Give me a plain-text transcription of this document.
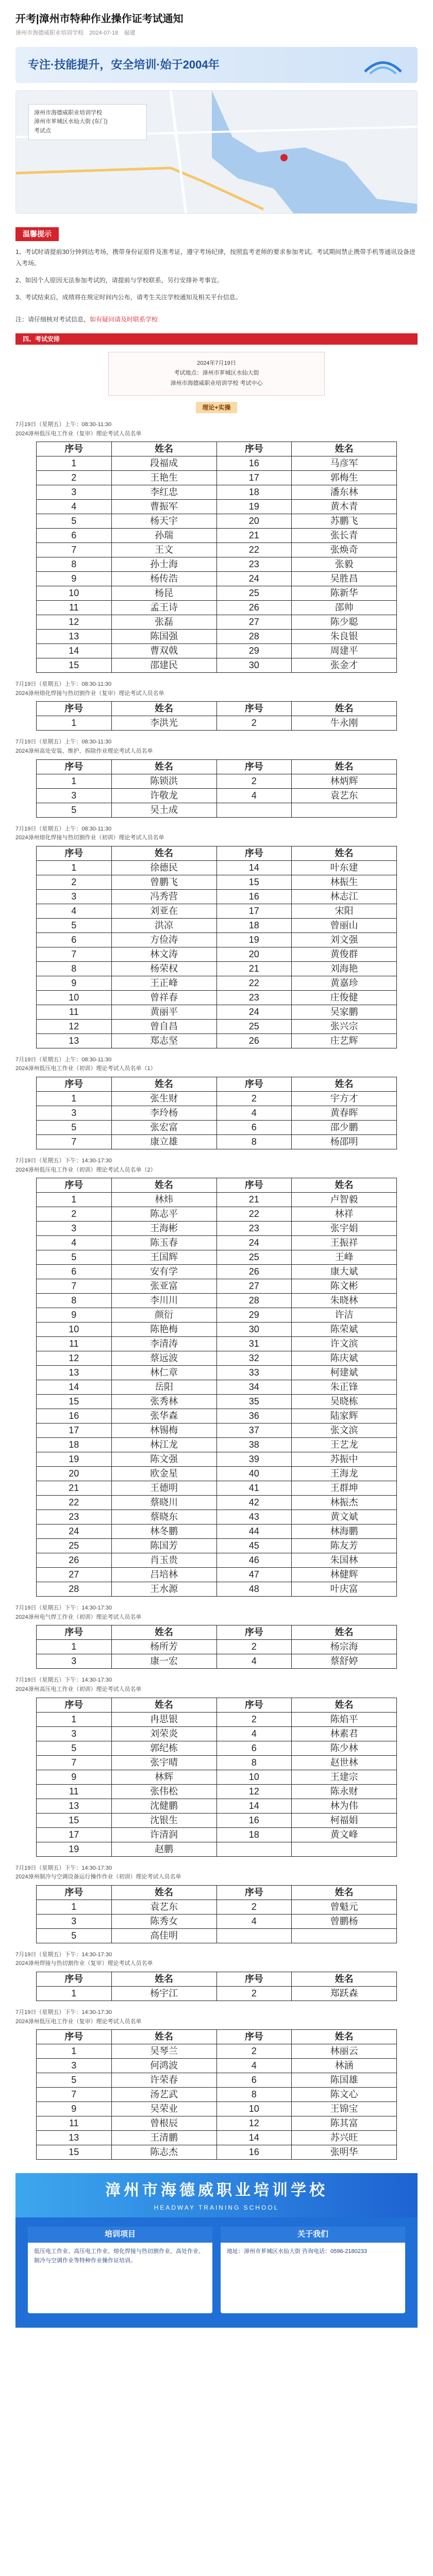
开考|漳州市特种作业操作证考试通知
漳州市海德威职业培训学校 2024-07-18 福建
专注·技能提升，安全培训·始于2004年
漳州市海德威职业培训学校
漳州市芗城区水仙大街 (东门)
考试点
温馨提示

1、考试时请提前30分钟到达考场，携带身份证原件及准考证，遵守考场纪律，按照监考老师的要求参加考试。考试期间禁止携带手机等通讯设备进入考场。

2、如因个人原因无法参加考试的，请提前与学校联系，另行安排补考事宜。

3、考试结束后，成绩将在规定时间内公布，请考生关注学校通知及相关平台信息。

注：请仔细核对考试信息，如有疑问请及时联系学校
四、考试安排
2024年7月19日
考试地点：漳州市芗城区水仙大街
漳州市海德威职业培训学校 考试中心
理论+实操
7月19日（星期五）上午：08:30-11:30
2024漳州低压电工作业（复审）理论考试人员名单
序号	姓名	序号	姓名
1	段福成	16	马彦军
2	王艳生	17	郭梅生
3	李红忠	18	潘东林
4	曹振军	19	黄木青
5	杨天宇	20	苏鹏飞
6	孙瑞	21	张长青
7	王文	22	张焕奇
8	孙士海	23	张毅
9	杨传浩	24	吴胜昌
10	杨昆	25	陈新华
11	孟王诗	26	邵帅
12	张磊	27	陈少聪
13	陈国强	28	朱良银
14	曹双戟	29	周建平
15	邵建民	30	张金才
7月19日（星期五）上午：08:30-11:30
2024漳州熔化焊接与热切割作业（复审）理论考试人员名单
序号	姓名	序号	姓名
1	李洪光	2	牛永刚
7月19日（星期五）上午：08:30-11:30
2024漳州高处安装、维护、拆除作业理论考试人员名单
序号	姓名	序号	姓名
1	陈锁洪	2	林炳辉
3	许敬龙	4	袁艺东
5	吴土成		
7月19日（星期五）上午：08:30-11:30
2024漳州熔化焊接与热切割作业（初训）理论考试人员名单
序号	姓名	序号	姓名
1	徐德民	14	叶东建
2	曾鹏飞	15	林振生
3	冯秀营	16	林志江
4	刘亚在	17	宋阳
5	洪凉	18	曾丽山
6	方俭涛	19	刘文强
7	林文涛	20	黄俊群
8	杨荣权	21	刘海艳
9	王正峰	22	黄嘉珍
10	曾祥春	23	庄俊健
11	黄丽平	24	吴家鹏
12	曾自昌	25	张兴宗
13	郑志坚	26	庄艺辉
7月19日（星期五）上午：08:30-11:30
2024漳州低压电工作业（初训）理论考试人员名单（1）
序号	姓名	序号	姓名
1	张生财	2	宇方才
3	李玲杨	4	黄春晖
5	张宏富	6	邵少鹏
7	康立雄	8	杨邵明
7月19日（星期五）下午：14:30-17:30
2024漳州低压电工作业（初训）理论考试人员名单（2）
序号	姓名	序号	姓名
1	林炜	21	卢智毅
2	陈志平	22	林祥
3	王海彬	23	张宇娟
4	陈玉春	24	王振祥
5	王国辉	25	王峰
6	安有学	26	康大斌
7	张亚富	27	陈文彬
8	李川川	28	朱晓林
9	颜衍	29	许洁
10	陈艳梅	30	陈荣斌
11	李清涛	31	许文滨
12	蔡远波	32	陈庆斌
13	林仁章	33	柯建斌
14	岳阳	34	朱正锋
15	张秀林	35	吴晓栋
16	张华森	36	陆家辉
17	林锡梅	37	张文滨
18	林江龙	38	王艺龙
19	陈文强	39	苏振中
20	欧金星	40	王海龙
21	王德明	41	王群坤
22	蔡晓川	42	林振杰
23	蔡晓东	43	黄文斌
24	林冬鹏	44	林海鹏
25	陈国芳	45	陈友芳
26	肖玉贵	46	朱国林
27	吕培林	47	林健辉
28	王水源	48	叶庆富
7月19日（星期五）下午：14:30-17:30
2024漳州电气焊工作业（初训）理论考试人员名单
序号	姓名	序号	姓名
1	杨所芳	2	杨宗海
3	康一宏	4	蔡舒婷
7月19日（星期五）下午：14:30-17:30
2024漳州高压电工作业（初训）理论考试人员名单
序号	姓名	序号	姓名
1	冉思银	2	陈焰平
3	刘荣炎	4	林素君
5	郭纪栋	6	陈少林
7	张宇晴	8	赵世林
9	林辉	10	王建宗
11	张伟松	12	陈永财
13	沈健鹏	14	林为伟
15	沈银生	16	柯福娟
17	许清润	18	黄文峰
19	赵鹏		
7月19日（星期五）下午：14:30-17:30
2024漳州制冷与空调设备运行操作作业（初训）理论考试人员名单
序号	姓名	序号	姓名
1	袁艺东	2	曾魁元
3	陈秀女	4	曾鹏杨
5	高佳明		
7月19日（星期五）下午：14:30-17:30
2024漳州焊接与热切割作业（复审）理论考试人员名单
序号	姓名	序号	姓名
1	杨宇江	2	郑跃森
7月19日（星期五）下午：14:30-17:30
2024漳州低压电工作业（复审）理论考试人员名单
序号	姓名	序号	姓名
1	吴琴兰	2	林丽云
3	何鸿波	4	林涵
5	许荣春	6	陈国雄
7	汤艺武	8	陈文心
9	吴荣业	10	王锦宝
11	曾根辰	12	陈其富
13	王清鹏	14	苏兴旺
15	陈志杰	16	张明华
漳州市海德威职业培训学校
HEADWAY TRAINING SCHOOL
培训项目

低压电工作业、高压电工作业、熔化焊接与热切割作业、高处作业、制冷与空调作业等特种作业操作证培训。

关于我们

地址：漳州市芗城区水仙大街 咨询电话：0596-2180233
